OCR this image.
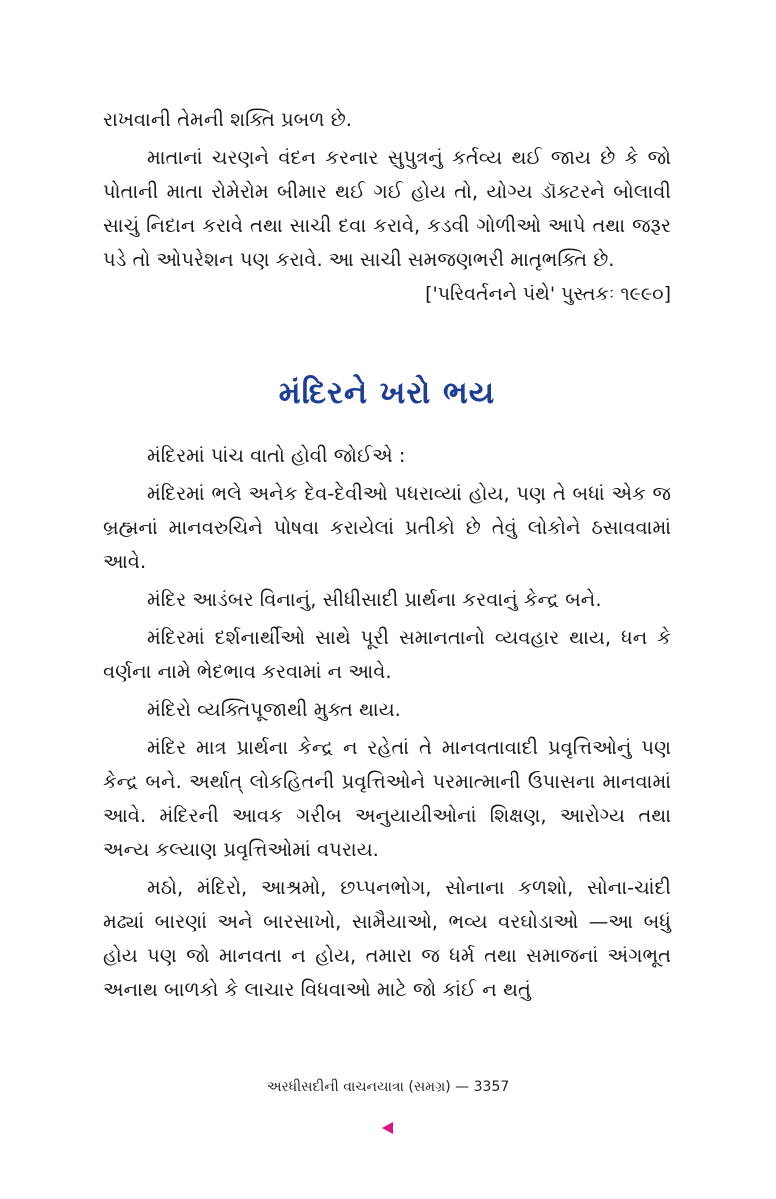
રાખવાની તેમની શક્તિ પ્રબળ છે.

માતાનાં ચરણને વંદન કરનાર સુપુત્રનું કર્તવ્ય થઈ જાય છે કે જો પોતાની માતા રોમેરોમ બીમાર થઈ ગઈ હોય તો, યોગ્ય ડૉક્ટરને બોલાવી સાચું નિદાન કરાવે તથા સાચી દવા કરાવે, કડવી ગોળીઓ આપે તથા જરૂર પડે તો ઓપરેશન પણ કરાવે. આ સાચી સમજણભરી માતૃભક્તિ છે.

['પરિવર્તનને પંથે' પુસ્તકઃ ૧૯૯૦]

મંદિરને ખરો ભય

મંદિરમાં પાંચ વાતો હોવી જોઈએ :

મંદિરમાં ભલે અનેક દેવ-દેવીઓ પધરાવ્યાં હોય, પણ તે બધાં એક જ બ્રહ્મનાં માનવરુચિને પોષવા કરાયેલાં પ્રતીકો છે તેવું લોકોને ઠસાવવામાં આવે.

મંદિર આડંબર વિનાનું, સીધીસાદી પ્રાર્થના કરવાનું કેન્દ્ર બને.

મંદિરમાં દર્શનાર્થીઓ સાથે પૂરી સમાનતાનો વ્યવહાર થાય, ધન કે વર્ણના નામે ભેદભાવ કરવામાં ન આવે.

મંદિરો વ્યક્તિપૂજાથી મુક્ત થાય.

મંદિર માત્ર પ્રાર્થના કેન્દ્ર ન રહેતાં તે માનવતાવાદી પ્રવૃત્તિઓનું પણ કેન્દ્ર બને. અર્થાત્ લોકહિતની પ્રવૃત્તિઓને પરમાત્માની ઉપાસના માનવામાં આવે. મંદિરની આવક ગરીબ અનુયાયીઓનાં શિક્ષણ, આરોગ્ય તથા અન્ય કલ્યાણ પ્રવૃત્તિઓમાં વપરાય.

મઠો, મંદિરો, આશ્રમો, છપ્પનભોગ, સોનાના કળશો, સોના-ચાંદી મઢ્યાં બારણાં અને બારસાખો, સામૈયાઓ, ભવ્ય વરઘોડાઓ —આ બધું હોય પણ જો માનવતા ન હોય, તમારા જ ધર્મ તથા સમાજનાં અંગભૂત અનાથ બાળકો કે લાચાર વિધવાઓ માટે જો કાંઈ ન થતું

અરધીસદીની વાચનયાત્રા (સમગ્ર) — 3357
